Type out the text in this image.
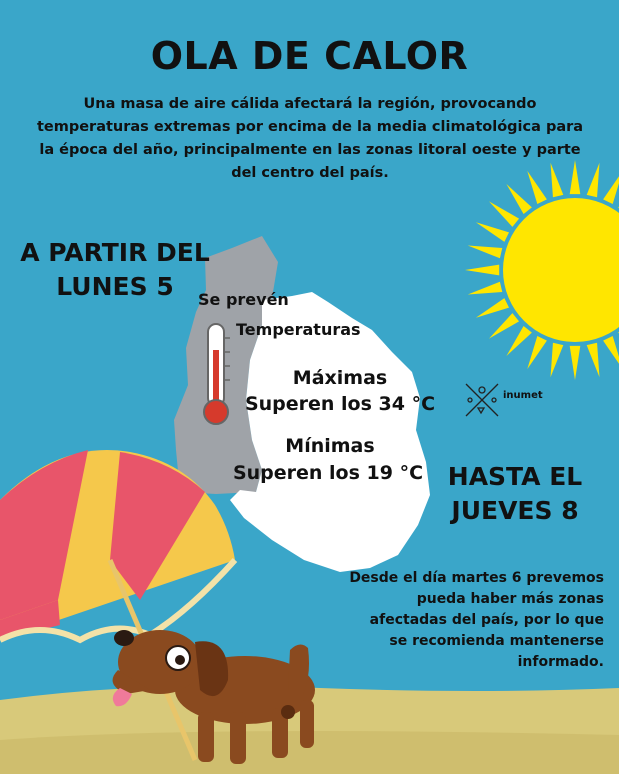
OLA DE CALOR
Una masa de aire cálida afectará la región, provocando temperaturas extremas por encima de la media climatológica para la época del año, principalmente en las zonas litoral oeste y parte del centro del país.
A PARTIR DEL
LUNES 5
HASTA EL
JUEVES 8
Se prevén
Temperaturas
Máximas
Superen los 34 °C
Mínimas
Superen los 19 °C
Desde el día martes 6 prevemos pueda haber más zonas afectadas del país, por lo que se recomienda mantenerse informado.
inumet
